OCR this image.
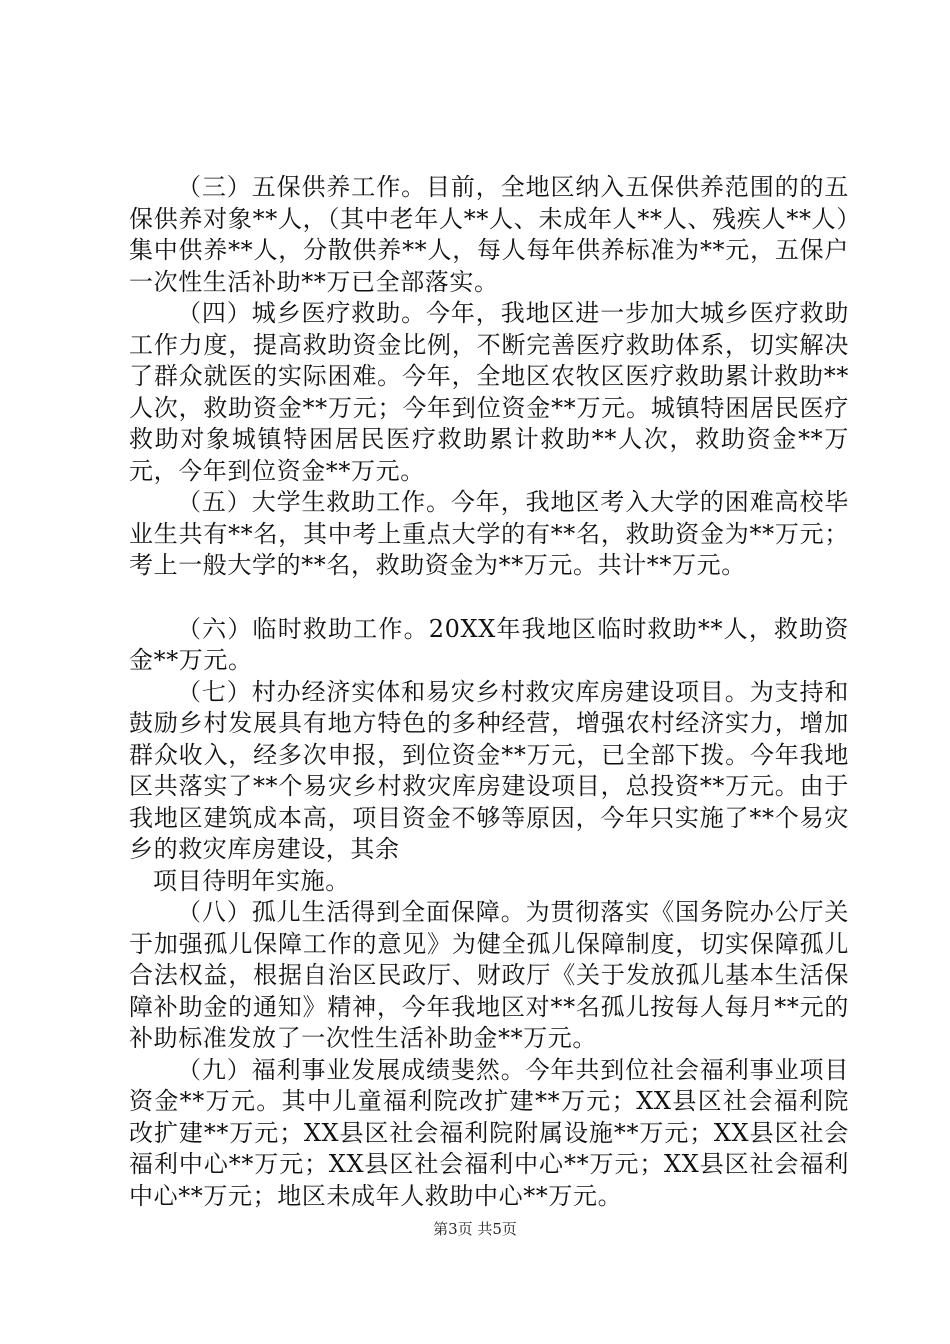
（三）五保供养工作。目前，全地区纳入五保供养范围的的五保供养对象**人，（其中老年人**人、未成年人**人、残疾人**人）集中供养**人，分散供养**人，每人每年供养标准为**元，五保户一次性生活补助**万已全部落实。

（四）城乡医疗救助。今年，我地区进一步加大城乡医疗救助工作力度，提高救助资金比例，不断完善医疗救助体系，切实解决了群众就医的实际困难。今年，全地区农牧区医疗救助累计救助**人次，救助资金**万元；今年到位资金**万元。城镇特困居民医疗救助对象城镇特困居民医疗救助累计救助**人次，救助资金**万元，今年到位资金**万元。

（五）大学生救助工作。今年，我地区考入大学的困难高校毕业生共有**名，其中考上重点大学的有**名，救助资金为**万元；考上一般大学的**名，救助资金为**万元。共计**万元。

（六）临时救助工作。20XX年我地区临时救助**人，救助资金**万元。

（七）村办经济实体和易灾乡村救灾库房建设项目。为支持和鼓励乡村发展具有地方特色的多种经营，增强农村经济实力，增加群众收入，经多次申报，到位资金**万元，已全部下拨。今年我地区共落实了**个易灾乡村救灾库房建设项目，总投资**万元。由于我地区建筑成本高，项目资金不够等原因，今年只实施了**个易灾乡的救灾库房建设，其余

项目待明年实施。

（八）孤儿生活得到全面保障。为贯彻落实《国务院办公厅关于加强孤儿保障工作的意见》为健全孤儿保障制度，切实保障孤儿合法权益，根据自治区民政厅、财政厅《关于发放孤儿基本生活保障补助金的通知》精神，今年我地区对**名孤儿按每人每月**元的补助标准发放了一次性生活补助金**万元。

（九）福利事业发展成绩斐然。今年共到位社会福利事业项目资金**万元。其中儿童福利院改扩建**万元；XX县区社会福利院改扩建**万元；XX县区社会福利院附属设施**万元；XX县区社会福利中心**万元；XX县区社会福利中心**万元；XX县区社会福利中心**万元；地区未成年人救助中心**万元。

第3页 共5页
